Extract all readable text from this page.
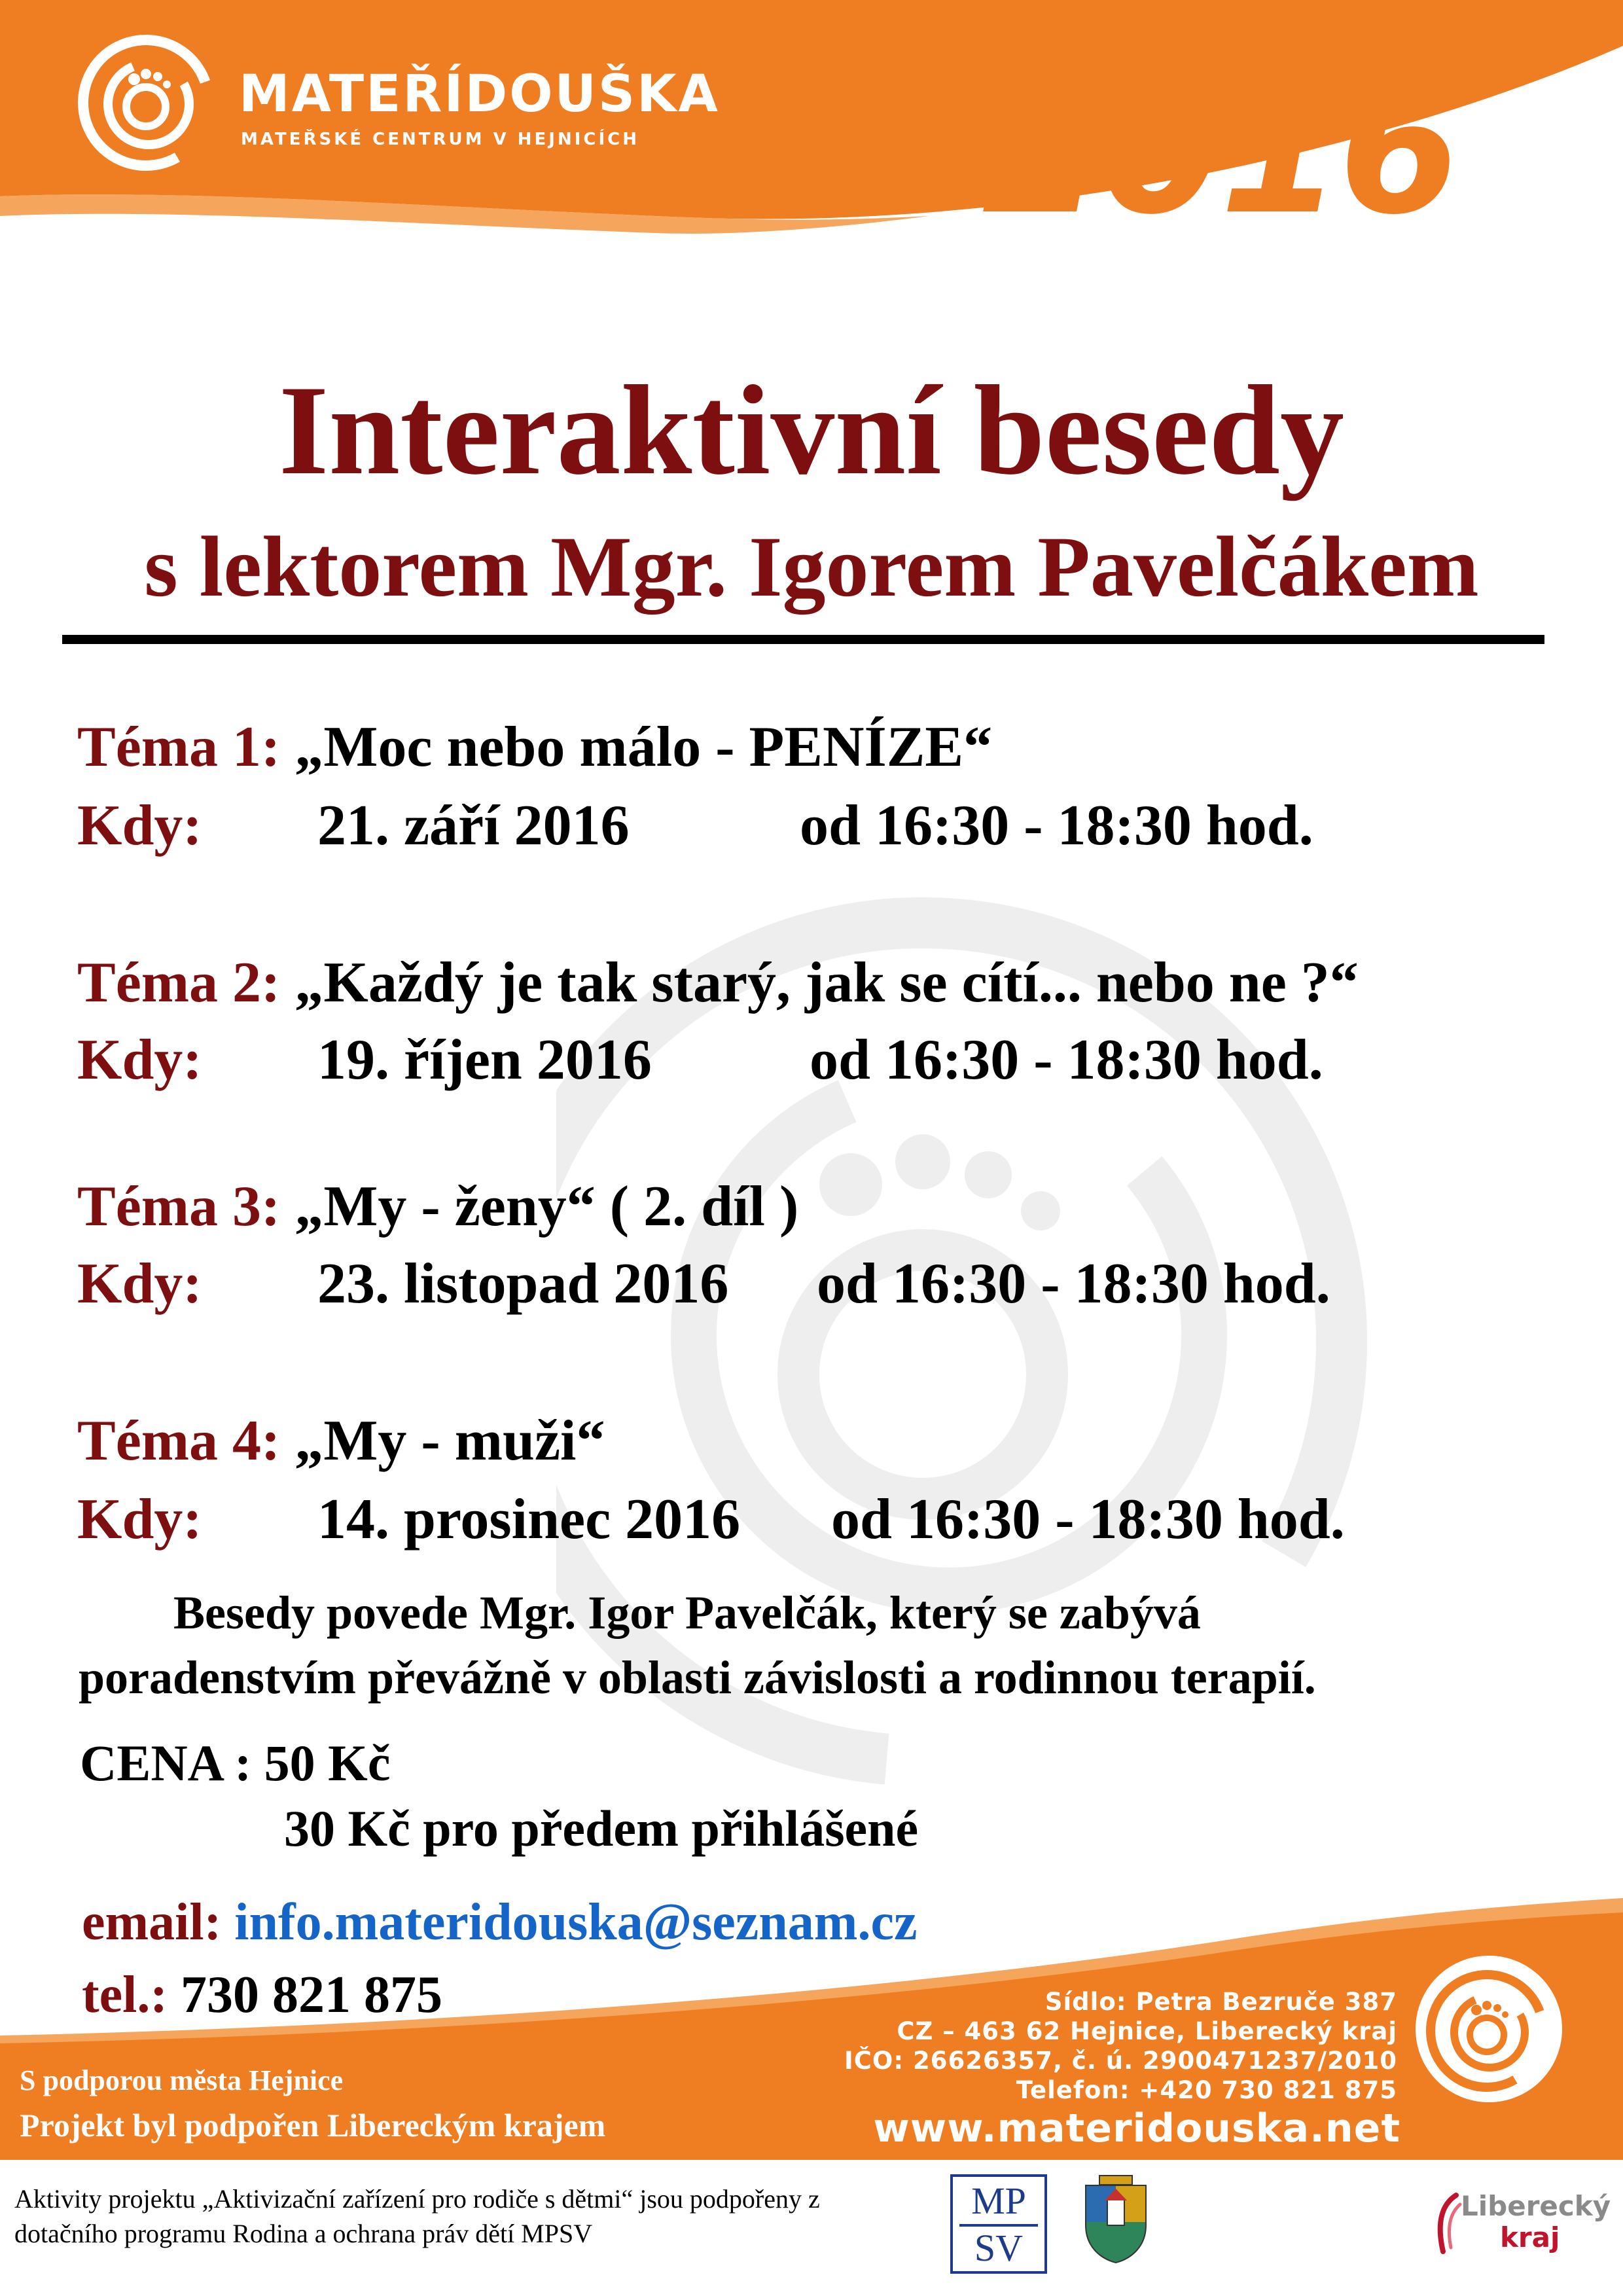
MATEŘÍDOUŠKA
MATEŘSKÉ CENTRUM V HEJNICÍCH 2016
Interaktivní besedy
s lektorem Mgr. Igorem Pavelčákem
Téma 1: „Moc nebo málo - PENÍZE“
Kdy: 21. září 2016	od 16:30 - 18:30 hod.
Téma 2: „Každý je tak starý, jak se cítí... nebo ne ?“
Kdy: 19. říjen 2016	od 16:30 - 18:30 hod.
Téma 3: „My - ženy“ ( 2. díl )
Kdy: 23. listopad 2016 od 16:30 - 18:30 hod.
Téma 4: „My - muži“
Kdy: 14. prosinec 2016 od 16:30 - 18:30 hod.
Besedy povede Mgr. Igor Pavelčák, který se zabývá
poradenstvím převážně v oblasti závislosti a rodinnou terapií.
CENA : 50 Kč
30 Kč pro předem přihlášené
email: info.materidouska@seznam.cz
tel.: 730 821 875
S podporou města Hejnice
Projekt byl podpořen Libereckým krajem
Sídlo: Petra Bezruče 387
CZ – 463 62 Hejnice, Liberecký kraj
IČO: 26626357, č. ú. 2900471237/2010
Telefon: +420 730 821 875
www.materidouska.net
Aktivity projektu „Aktivizační zařízení pro rodiče s dětmi“ jsou podpořeny z
dotačního programu Rodina a ochrana práv dětí MPSV
MP
SV
Liberecký
kraj
